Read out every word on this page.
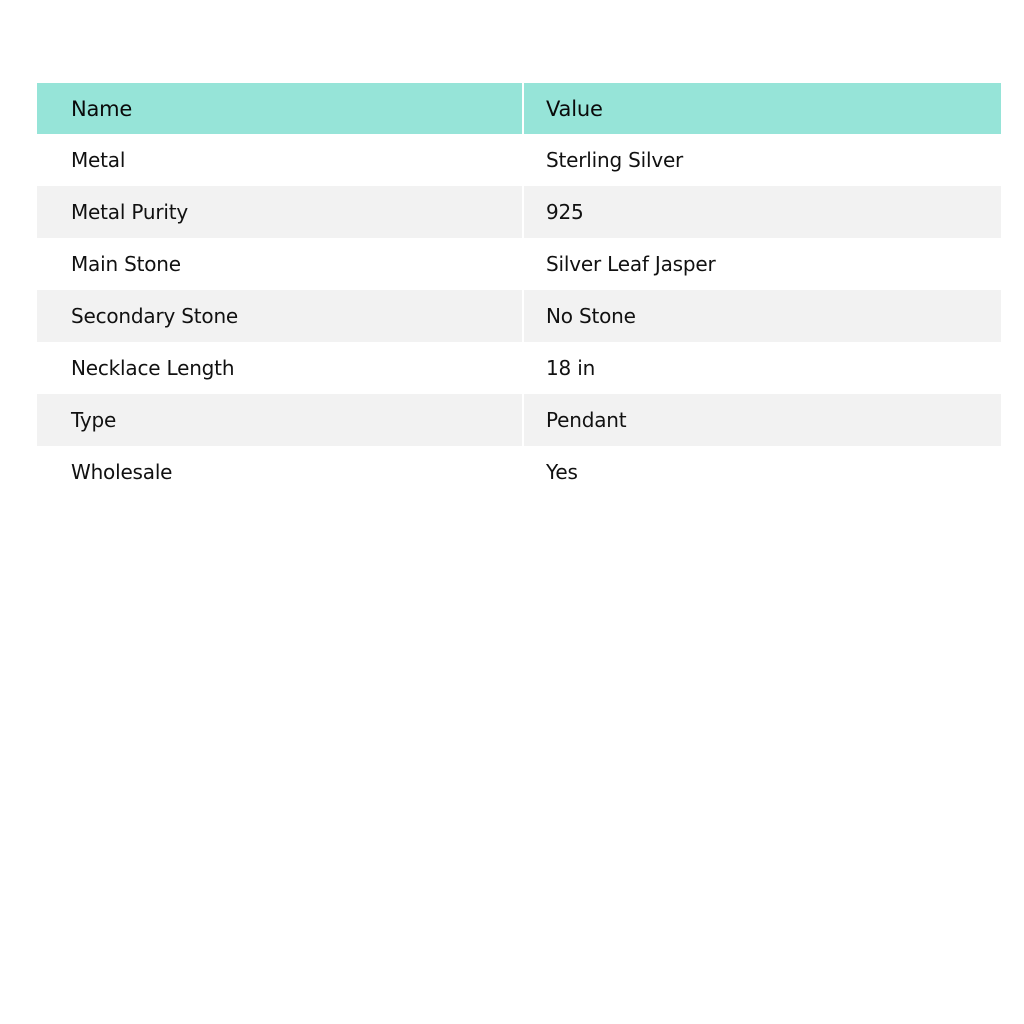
Name	Value
Metal	Sterling Silver
Metal Purity	925
Main Stone	Silver Leaf Jasper
Secondary Stone	No Stone
Necklace Length	18 in
Type	Pendant
Wholesale	Yes
